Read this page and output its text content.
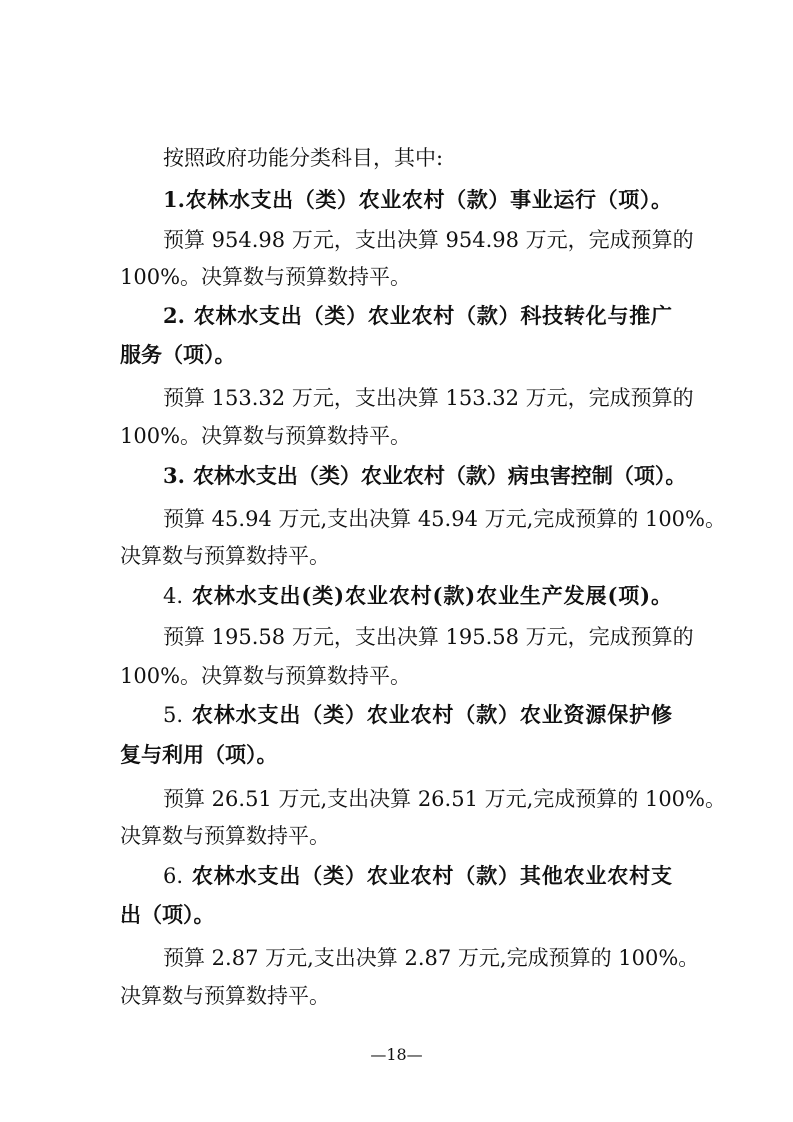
按照政府功能分类科目，其中:
1.农林水支出（类）农业农村（款）事业运行（项）。
预算 954.98 万元，支出决算 954.98 万元，完成预算的
100%。决算数与预算数持平。
2. 农林水支出（类）农业农村（款）科技转化与推广
服务（项）。
预算 153.32 万元，支出决算 153.32 万元，完成预算的
100%。决算数与预算数持平。
3. 农林水支出（类）农业农村（款）病虫害控制（项）。
预算 45.94 万元,支出决算 45.94 万元,完成预算的 100%。
决算数与预算数持平。
4. 农林水支出(类)农业农村(款)农业生产发展(项)。
预算 195.58 万元，支出决算 195.58 万元，完成预算的
100%。决算数与预算数持平。
5. 农林水支出（类）农业农村（款）农业资源保护修
复与利用（项）。
预算 26.51 万元,支出决算 26.51 万元,完成预算的 100%。
决算数与预算数持平。
6. 农林水支出（类）农业农村（款）其他农业农村支
出（项）。
预算 2.87 万元,支出决算 2.87 万元,完成预算的 100%。
决算数与预算数持平。
—18—
